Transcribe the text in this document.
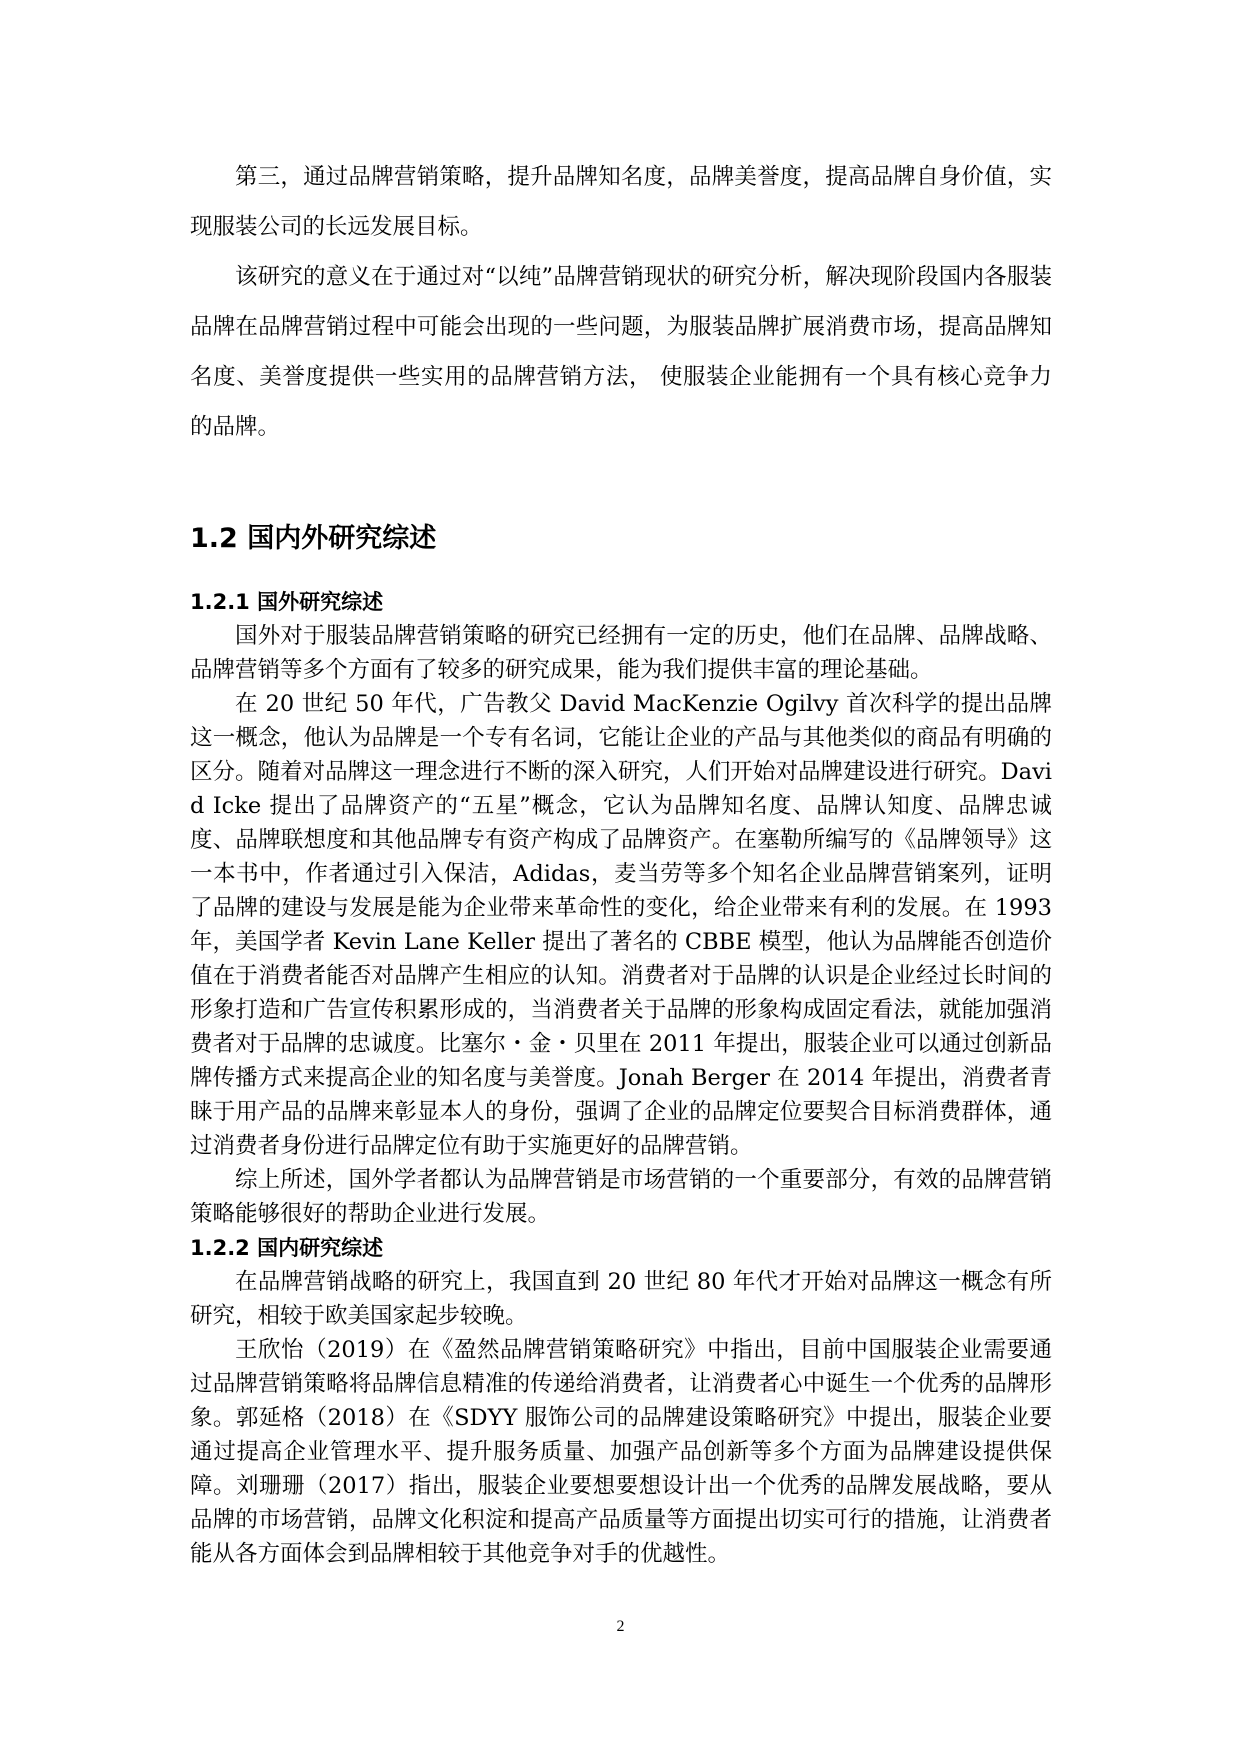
第三，通过品牌营销策略，提升品牌知名度，品牌美誉度，提高品牌自身价值，实现服装公司的长远发展目标。

该研究的意义在于通过对“以纯”品牌营销现状的研究分析，解决现阶段国内各服装品牌在品牌营销过程中可能会出现的一些问题，为服装品牌扩展消费市场，提高品牌知名度、美誉度提供一些实用的品牌营销方法， 使服装企业能拥有一个具有核心竞争力的品牌。

1.2 国内外研究综述
1.2.1 国外研究综述

国外对于服装品牌营销策略的研究已经拥有一定的历史，他们在品牌、品牌战略、品牌营销等多个方面有了较多的研究成果，能为我们提供丰富的理论基础。

在 20 世纪 50 年代，广告教父 David MacKenzie Ogilvy 首次科学的提出品牌这一概念，他认为品牌是一个专有名词，它能让企业的产品与其他类似的商品有明确的区分。随着对品牌这一理念进行不断的深入研究，人们开始对品牌建设进行研究。David Icke 提出了品牌资产的“五星”概念，它认为品牌知名度、品牌认知度、品牌忠诚度、品牌联想度和其他品牌专有资产构成了品牌资产。在塞勒所编写的《品牌领导》这一本书中，作者通过引入保洁，Adidas，麦当劳等多个知名企业品牌营销案列，证明了品牌的建设与发展是能为企业带来革命性的变化，给企业带来有利的发展。在 1993 年，美国学者 Kevin Lane Keller 提出了著名的 CBBE 模型，他认为品牌能否创造价值在于消费者能否对品牌产生相应的认知。消费者对于品牌的认识是企业经过长时间的形象打造和广告宣传积累形成的，当消费者关于品牌的形象构成固定看法，就能加强消费者对于品牌的忠诚度。比塞尔・金・贝里在 2011 年提出，服装企业可以通过创新品牌传播方式来提高企业的知名度与美誉度。Jonah Berger 在 2014 年提出，消费者青睐于用产品的品牌来彰显本人的身份，强调了企业的品牌定位要契合目标消费群体，通过消费者身份进行品牌定位有助于实施更好的品牌营销。

综上所述，国外学者都认为品牌营销是市场营销的一个重要部分，有效的品牌营销策略能够很好的帮助企业进行发展。

1.2.2 国内研究综述

在品牌营销战略的研究上，我国直到 20 世纪 80 年代才开始对品牌这一概念有所研究，相较于欧美国家起步较晚。

王欣怡（2019）在《盈然品牌营销策略研究》中指出，目前中国服装企业需要通过品牌营销策略将品牌信息精准的传递给消费者，让消费者心中诞生一个优秀的品牌形象。郭延格（2018）在《SDYY 服饰公司的品牌建设策略研究》中提出，服装企业要通过提高企业管理水平、提升服务质量、加强产品创新等多个方面为品牌建设提供保障。刘珊珊（2017）指出，服装企业要想要想设计出一个优秀的品牌发展战略，要从品牌的市场营销，品牌文化积淀和提高产品质量等方面提出切实可行的措施，让消费者能从各方面体会到品牌相较于其他竞争对手的优越性。

2
